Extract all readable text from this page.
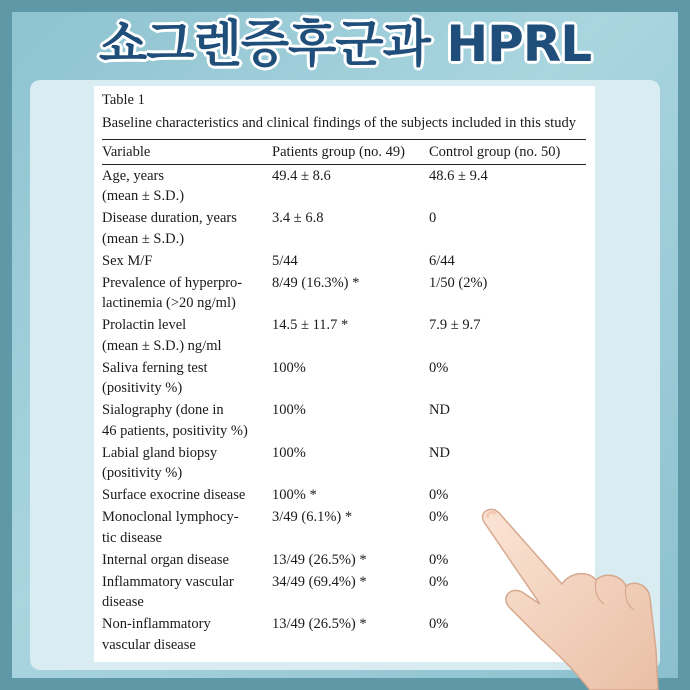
쇼그렌증후군과 HPRL

Table 1

Baseline characteristics and clinical findings of the subjects included in this study

Variable	Patients group (no. 49)	Control group (no. 50)
Age, years
(mean ± S.D.)	49.4 ± 8.6	48.6 ± 9.4

Disease duration, years
(mean ± S.D.)	3.4 ± 6.8	0

Sex M/F	5/44	6/44

Prevalence of hyperpro-
lactinemia (>20 ng/ml)	8/49 (16.3%) *	1/50 (2%)

Prolactin level
(mean ± S.D.) ng/ml	14.5 ± 11.7 *	7.9 ± 9.7

Saliva ferning test
(positivity %)	100%	0%

Sialography (done in
46 patients, positivity %)	100%	ND

Labial gland biopsy
(positivity %)	100%	ND

Surface exocrine disease	100% *	0%

Monoclonal lymphocy-
tic disease	3/49 (6.1%) *	0%

Internal organ disease	13/49 (26.5%) *	0%

Inflammatory vascular
disease	34/49 (69.4%) *	0%

Non-inflammatory
vascular disease	13/49 (26.5%) *	0%
